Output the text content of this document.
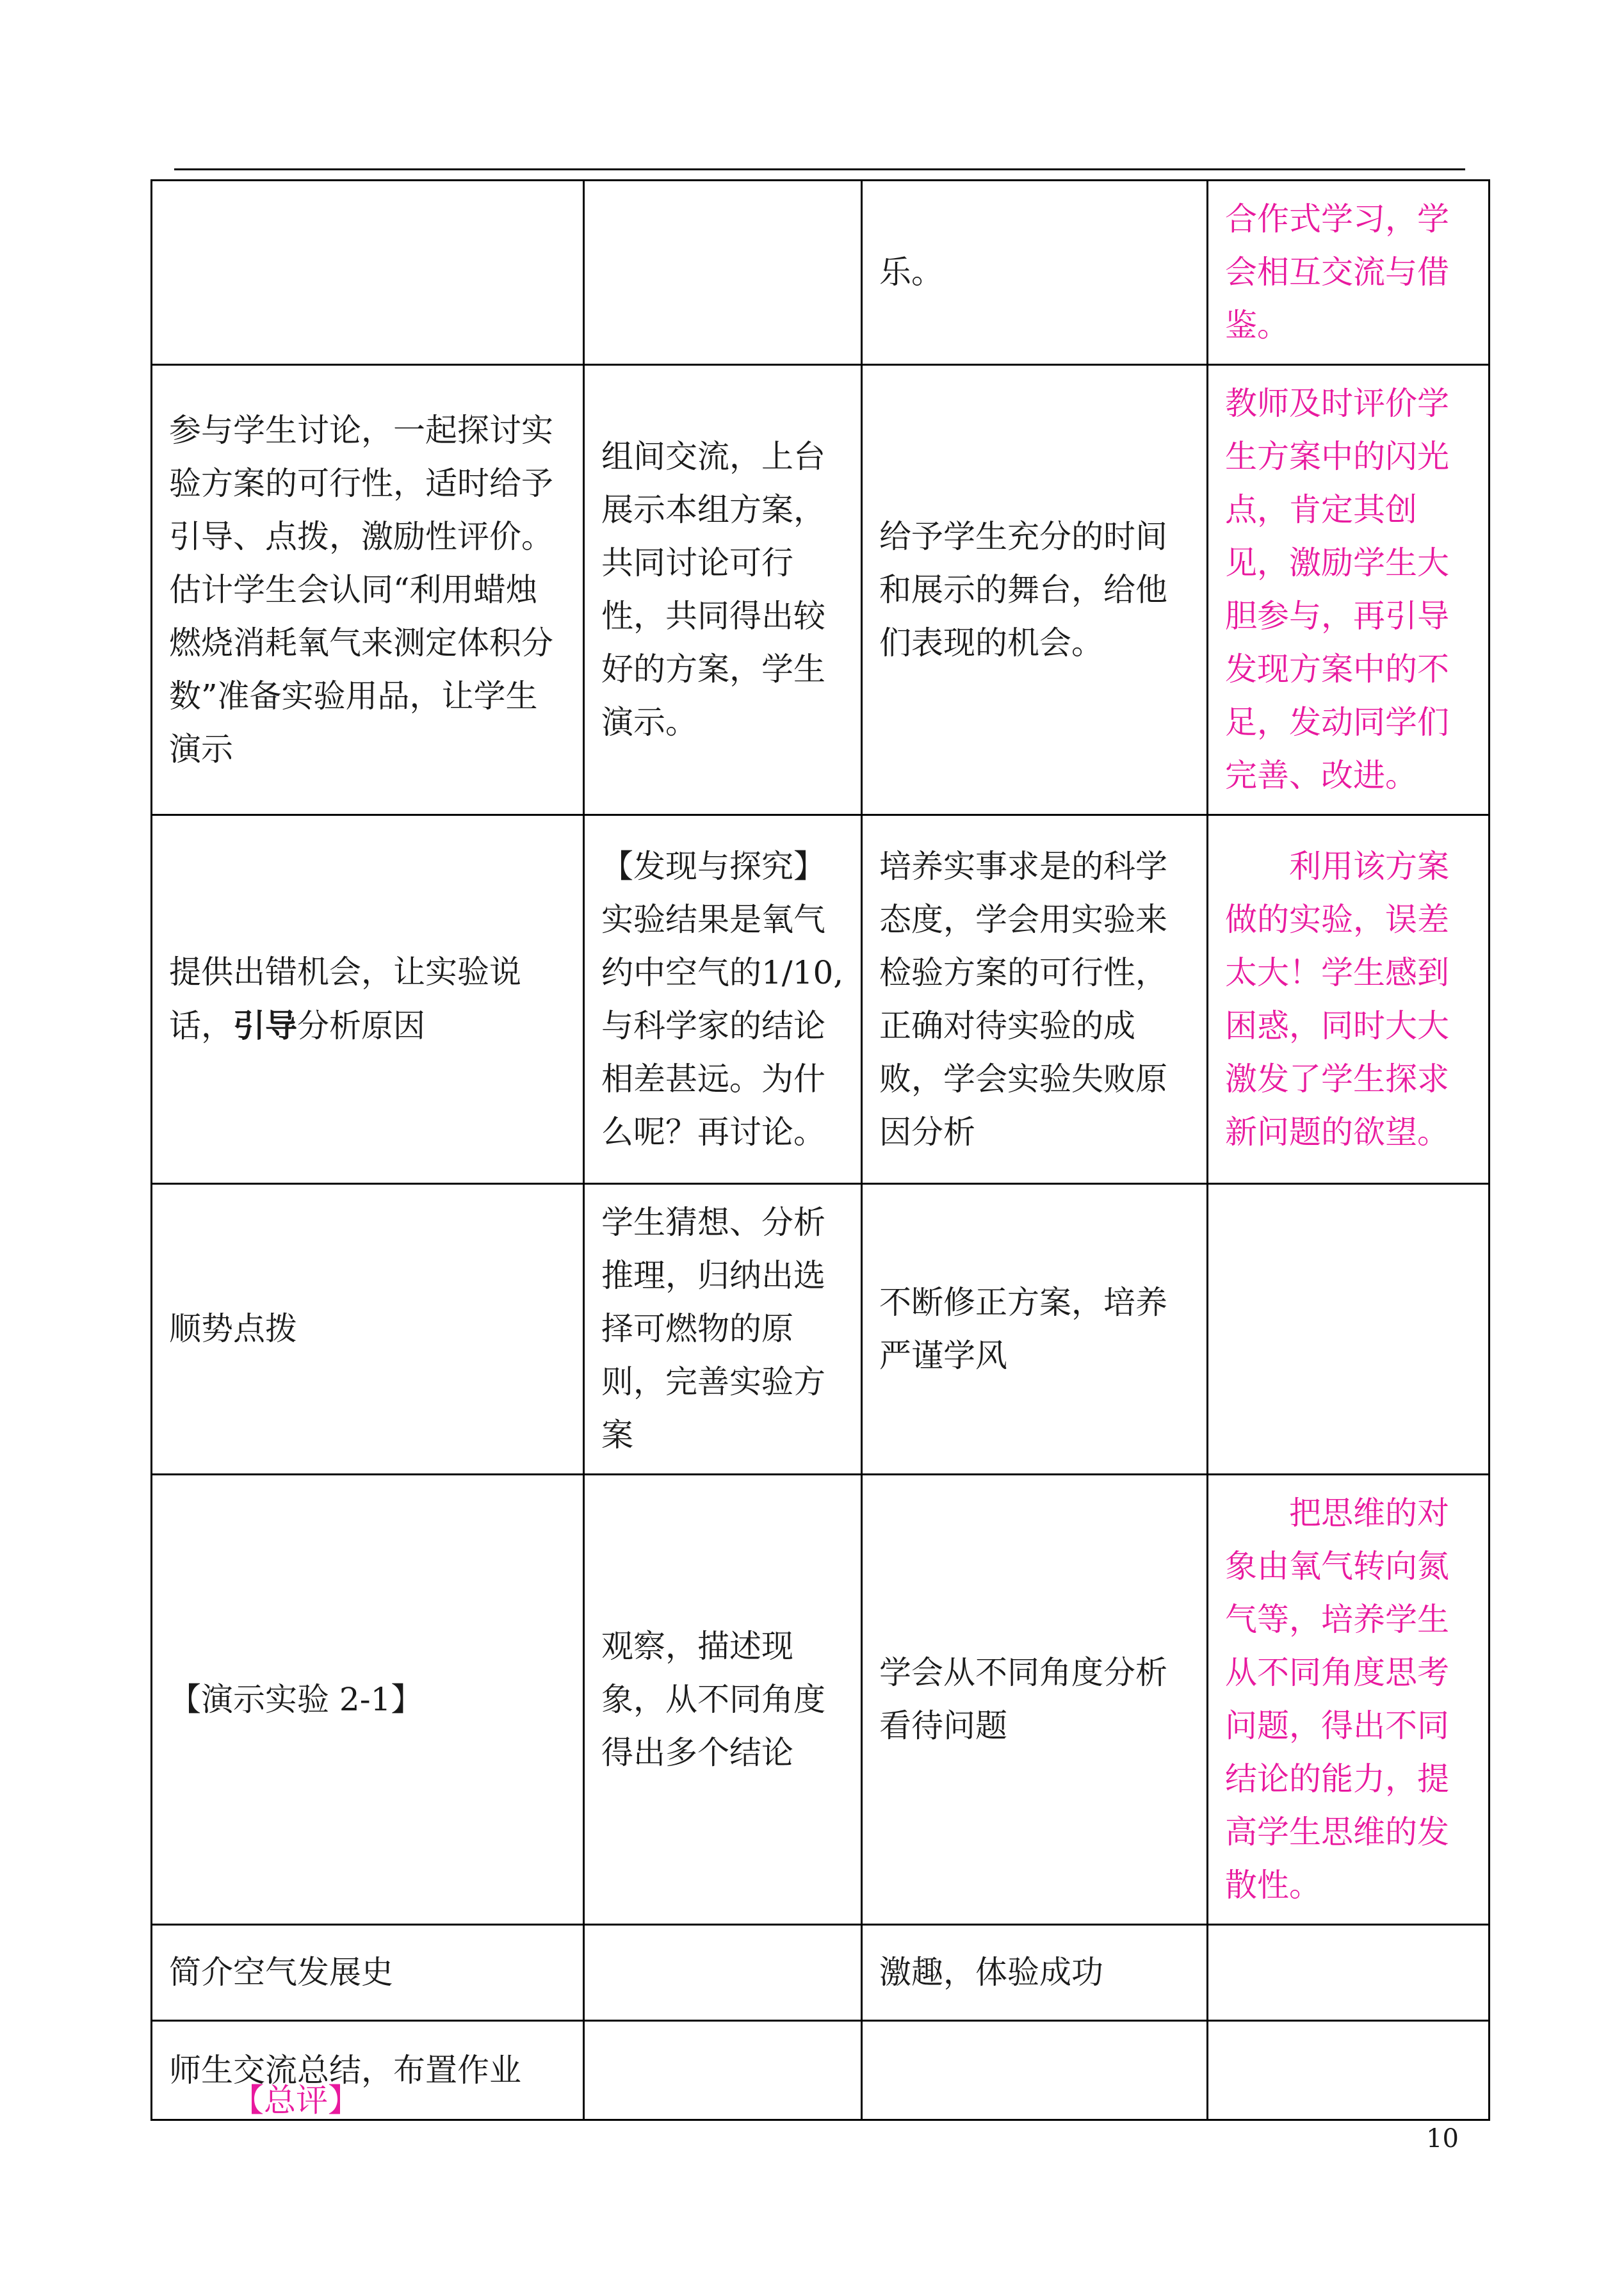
		乐。	合作式学习，学会相互交流与借鉴。
参与学生讨论，一起探讨实验方案的可行性，适时给予引导、点拨，激励性评价。估计学生会认同“利用蜡烛燃烧消耗氧气来测定体积分数”准备实验用品，让学生演示	组间交流，上台展示本组方案，共同讨论可行性，共同得出较好的方案，学生演示。	给予学生充分的时间和展示的舞台，给他们表现的机会。	教师及时评价学生方案中的闪光点，肯定其创见，激励学生大胆参与，再引导发现方案中的不足，发动同学们完善、改进。
提供出错机会，让实验说话，引导分析原因	【发现与探究】实验结果是氧气约中空气的1/10,与科学家的结论相差甚远。为什么呢？再讨论。	培养实事求是的科学态度，学会用实验来检验方案的可行性，正确对待实验的成败，学会实验失败原因分析	利用该方案做的实验，误差太大！学生感到困惑，同时大大激发了学生探求新问题的欲望。
顺势点拨	学生猜想、分析推理，归纳出选择可燃物的原则，完善实验方案	不断修正方案，培养严谨学风	
【演示实验 2-1】	观察，描述现象，从不同角度得出多个结论	学会从不同角度分析看待问题	把思维的对象由氧气转向氮气等，培养学生从不同角度思考问题，得出不同结论的能力，提高学生思维的发散性。
简介空气发展史		激趣，体验成功	
师生交流总结，布置作业			
【总评】
10
